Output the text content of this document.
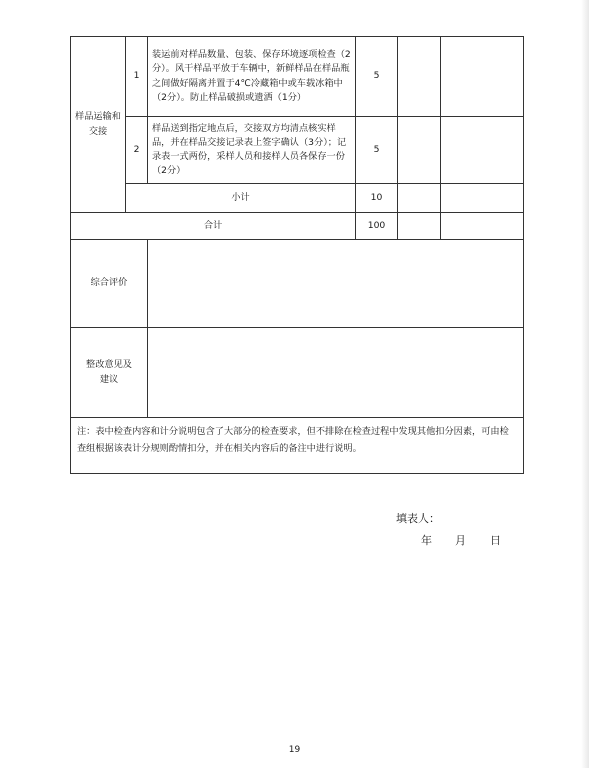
样品运输和交接	1	装运前对样品数量、包装、保存环境逐项检查（2分）。风干样品平放于车辆中，新鲜样品在样品瓶之间做好隔离并置于4℃冷藏箱中或车载冰箱中（2分）。防止样品破损或遗洒（1分）	5		
	2	样品送到指定地点后，交接双方均清点核实样品，并在样品交接记录表上签字确认（3分）；记录表一式两份，采样人员和接样人员各保存一份（2分）	5		
	小计		10		
合计			100		
综合评价					
整改意见及建议					
注：表中检查内容和计分说明包含了大部分的检查要求，但不排除在检查过程中发现其他扣分因素，可由检查组根据该表计分规则酌情扣分，并在相关内容后的备注中进行说明。					
填表人：
年 月 日
19
